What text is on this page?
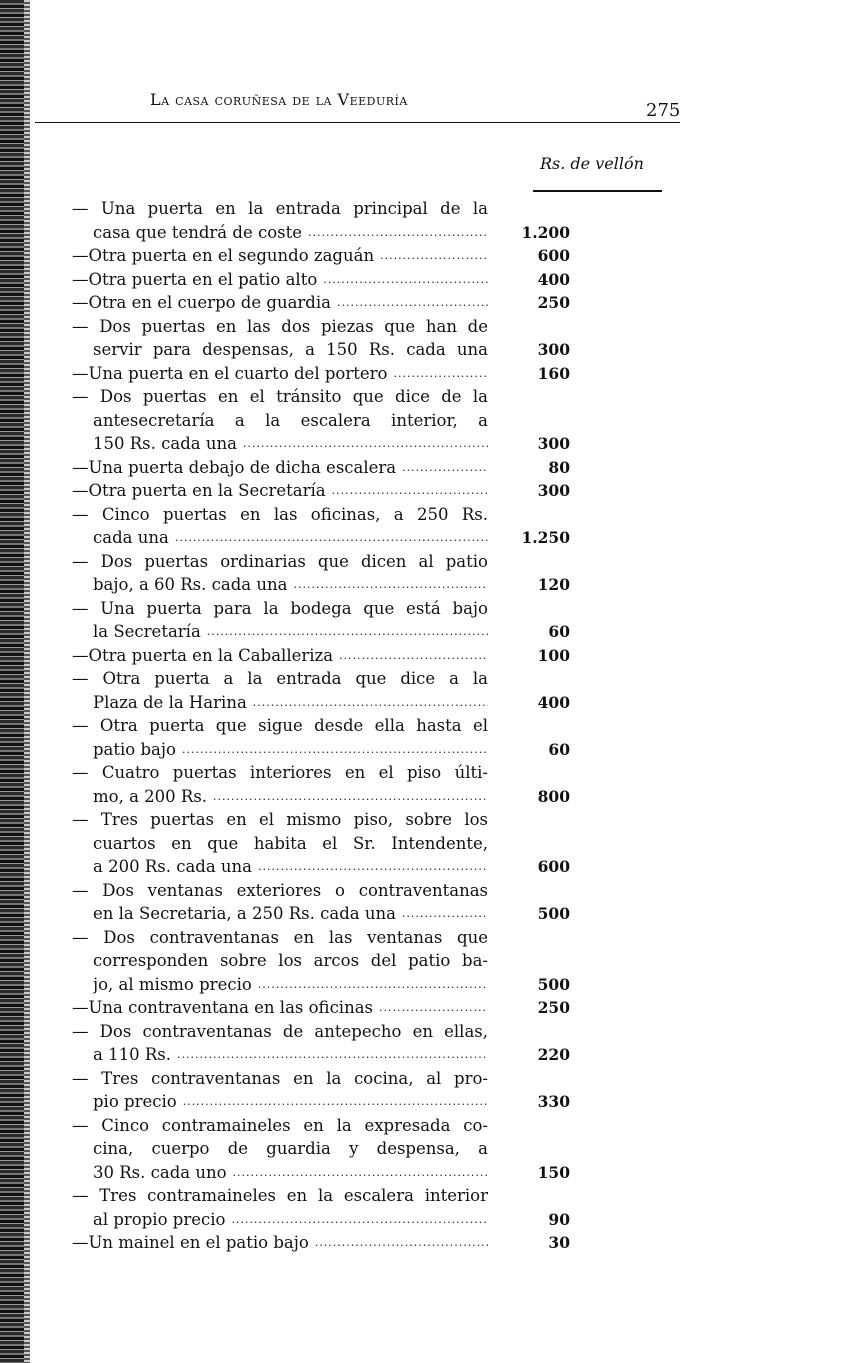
La casa coruñesa de la Veeduría
275
Rs. de vellón
— Una puerta en la entrada principal de la
casa que tendrá de coste .....	1.200
— Otra puerta en el segundo zaguán .....	600
— Otra puerta en el patio alto .....	400
— Otra en el cuerpo de guardia .....	250
— Dos puertas en las dos piezas que han de
servir para despensas, a 150 Rs. cada una	300
— Una puerta en el cuarto del portero .....	160
— Dos puertas en el tránsito que dice de la
antesecretaría a la escalera interior, a
150 Rs. cada una .....	300
— Una puerta debajo de dicha escalera .....	80
— Otra puerta en la Secretaría .....	300
— Cinco puertas en las oficinas, a 250 Rs.
cada una .....	1.250
— Dos puertas ordinarias que dicen al patio
bajo, a 60 Rs. cada una .....	120
— Una puerta para la bodega que está bajo
la Secretaría .....	60
— Otra puerta en la Caballeriza .....	100
— Otra puerta a la entrada que dice a la
Plaza de la Harina .....	400
— Otra puerta que sigue desde ella hasta el
patio bajo .....	60
— Cuatro puertas interiores en el piso últi-
mo, a 200 Rs. .....	800
— Tres puertas en el mismo piso, sobre los
cuartos en que habita el Sr. Intendente,
a 200 Rs. cada una .....	600
— Dos ventanas exteriores o contraventanas
en la Secretaria, a 250 Rs. cada una .....	500
— Dos contraventanas en las ventanas que
corresponden sobre los arcos del patio ba-
jo, al mismo precio .....	500
— Una contraventana en las oficinas .....	250
— Dos contraventanas de antepecho en ellas,
a 110 Rs. .....	220
— Tres contraventanas en la cocina, al pro-
pio precio .....	330
— Cinco contramaineles en la expresada co-
cina, cuerpo de guardia y despensa, a
30 Rs. cada uno .....	150
— Tres contramaineles en la escalera interior
al propio precio .....	90
— Un mainel en el patio bajo .....	30
